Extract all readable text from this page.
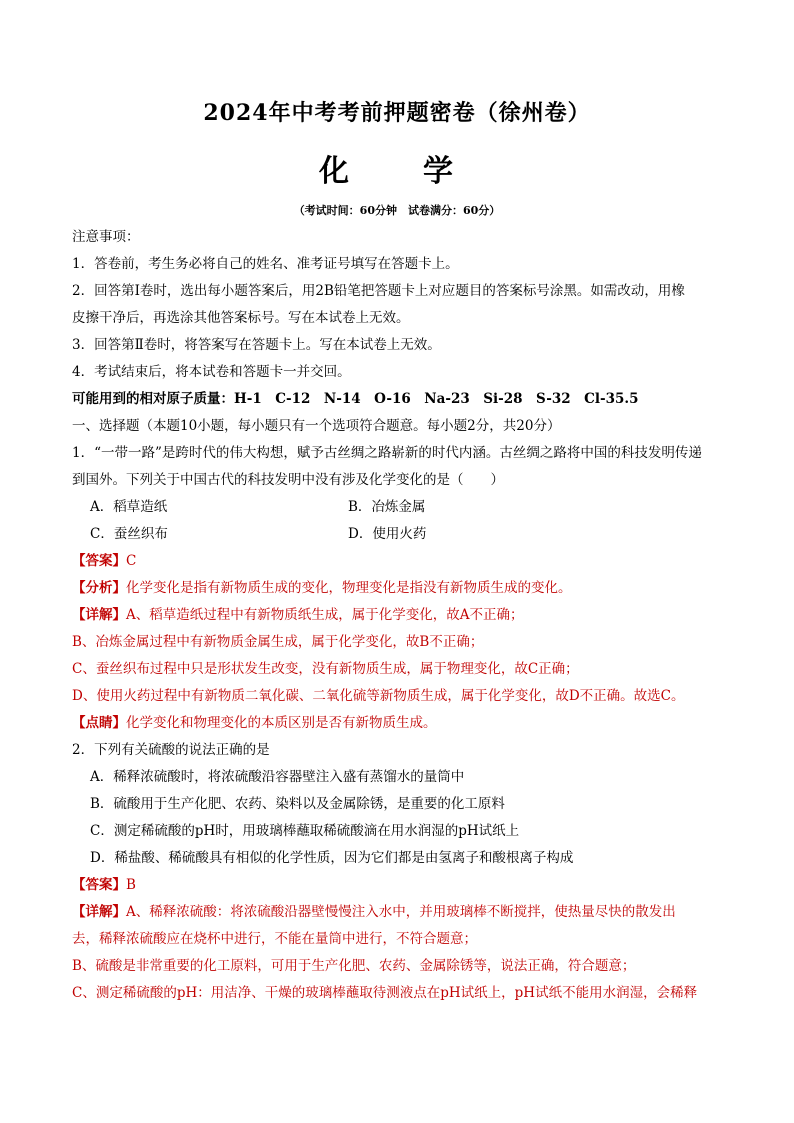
2024年中考考前押题密卷（徐州卷）
化　学
（考试时间：60分钟　试卷满分：60分）
注意事项：
1．答卷前，考生务必将自己的姓名、准考证号填写在答题卡上。
2．回答第Ⅰ卷时，选出每小题答案后，用2B铅笔把答题卡上对应题目的答案标号涂黑。如需改动，用橡
皮擦干净后，再选涂其他答案标号。写在本试卷上无效。
3．回答第Ⅱ卷时，将答案写在答题卡上。写在本试卷上无效。
4．考试结束后，将本试卷和答题卡一并交回。
可能用到的相对原子质量：H-1　C-12　N-14　O-16　Na-23　Si-28　S-32　Cl-35.5
一、选择题（本题10小题，每小题只有一个选项符合题意。每小题2分，共20分）
1．“一带一路”是跨时代的伟大构想，赋予古丝绸之路崭新的时代内涵。古丝绸之路将中国的科技发明传递
到国外。下列关于中国古代的科技发明中没有涉及化学变化的是（　　）
A．稻草造纸	B．冶炼金属
C．蚕丝织布	D．使用火药
【答案】C
【分析】化学变化是指有新物质生成的变化，物理变化是指没有新物质生成的变化。
【详解】A、稻草造纸过程中有新物质纸生成，属于化学变化，故A不正确；
B、冶炼金属过程中有新物质金属生成，属于化学变化，故B不正确；
C、蚕丝织布过程中只是形状发生改变，没有新物质生成，属于物理变化，故C正确；
D、使用火药过程中有新物质二氧化碳、二氧化硫等新物质生成，属于化学变化，故D不正确。故选C。
【点睛】化学变化和物理变化的本质区别是否有新物质生成。
2．下列有关硫酸的说法正确的是
A．稀释浓硫酸时，将浓硫酸沿容器壁注入盛有蒸馏水的量筒中
B．硫酸用于生产化肥、农药、染料以及金属除锈，是重要的化工原料
C．测定稀硫酸的pH时，用玻璃棒蘸取稀硫酸滴在用水润湿的pH试纸上
D．稀盐酸、稀硫酸具有相似的化学性质，因为它们都是由氢离子和酸根离子构成
【答案】B
【详解】A、稀释浓硫酸：将浓硫酸沿器壁慢慢注入水中，并用玻璃棒不断搅拌，使热量尽快的散发出
去，稀释浓硫酸应在烧杯中进行，不能在量筒中进行，不符合题意；
B、硫酸是非常重要的化工原料，可用于生产化肥、农药、金属除锈等，说法正确，符合题意；
C、测定稀硫酸的pH：用洁净、干燥的玻璃棒蘸取待测液点在pH试纸上，pH试纸不能用水润湿，会稀释
